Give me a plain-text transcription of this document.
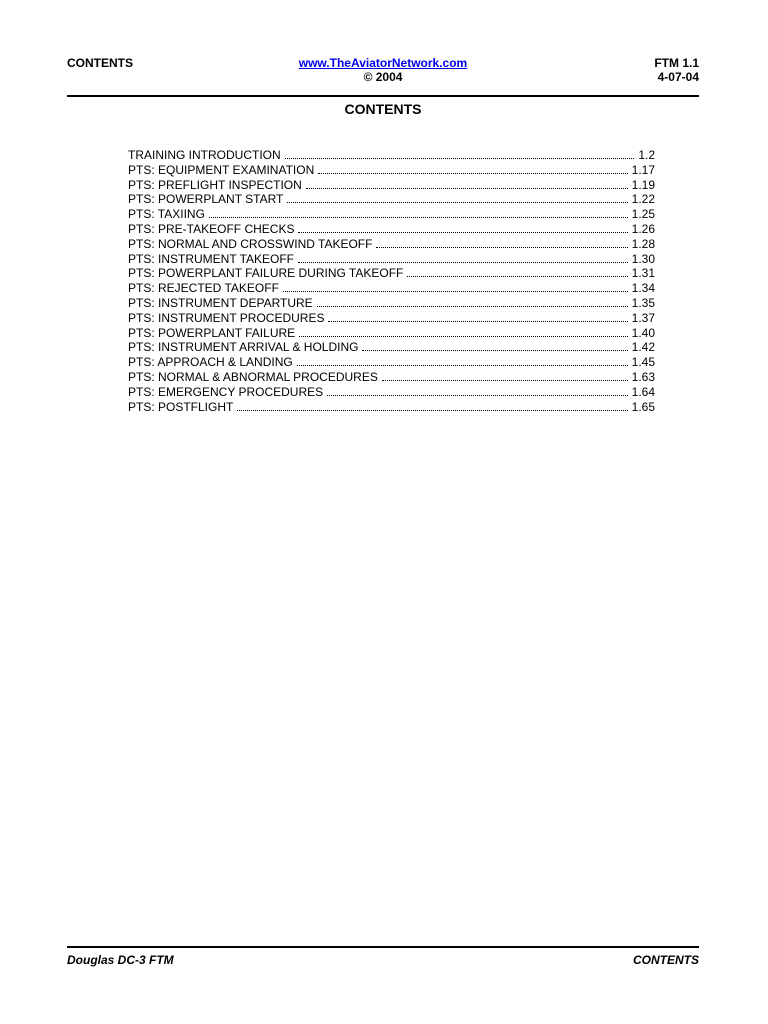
CONTENTS	www.TheAviatorNetwork.com
© 2004
FTM 1.1
4-07-04
CONTENTS
TRAINING INTRODUCTION	1.2
PTS: EQUIPMENT EXAMINATION	1.17
PTS: PREFLIGHT INSPECTION	1.19
PTS: POWERPLANT START	1.22
PTS: TAXIING	1.25
PTS: PRE-TAKEOFF CHECKS	1.26
PTS: NORMAL AND CROSSWIND TAKEOFF	1.28
PTS: INSTRUMENT TAKEOFF	1.30
PTS: POWERPLANT FAILURE DURING TAKEOFF	1.31
PTS: REJECTED TAKEOFF	1.34
PTS: INSTRUMENT DEPARTURE	1.35
PTS: INSTRUMENT PROCEDURES	1.37
PTS: POWERPLANT FAILURE	1.40
PTS: INSTRUMENT ARRIVAL & HOLDING	1.42
PTS: APPROACH & LANDING	1.45
PTS: NORMAL & ABNORMAL PROCEDURES	1.63
PTS: EMERGENCY PROCEDURES	1.64
PTS: POSTFLIGHT	1.65
Douglas DC-3 FTM	CONTENTS
